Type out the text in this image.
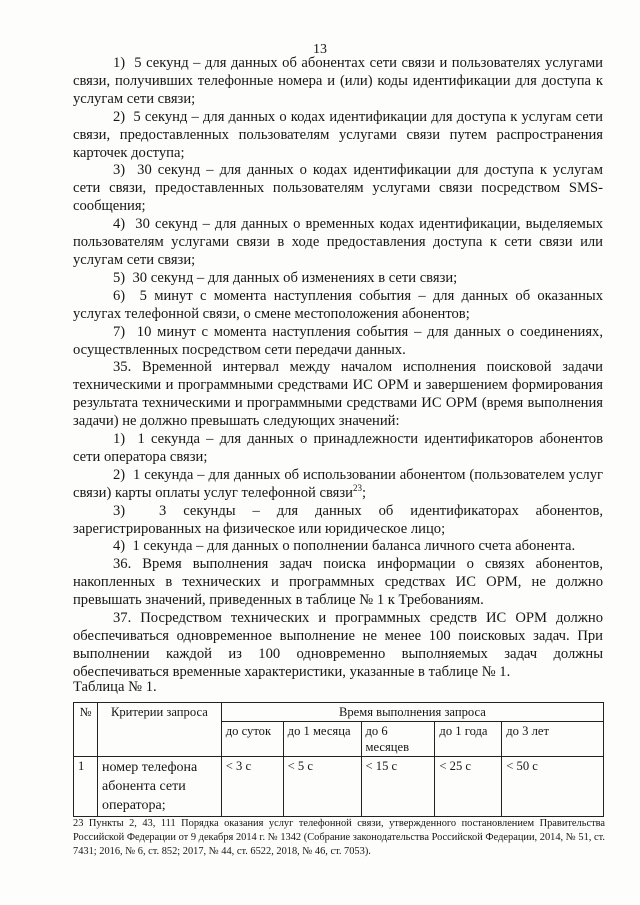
13

1)  5 секунд – для данных об абонентах сети связи и пользователях услугами связи, получивших телефонные номера и (или) коды идентификации для доступа к услугам сети связи;

2)  5 секунд – для данных о кодах идентификации для доступа к услугам сети связи, предоставленных пользователям услугами связи путем распространения карточек доступа;

3)  30 секунд – для данных о кодах идентификации для доступа к услугам сети связи, предоставленных пользователям услугами связи посредством SMS-сообщения;

4)  30 секунд – для данных о временных кодах идентификации, выделяемых пользователям услугами связи в ходе предоставления доступа к сети связи или услугам сети связи;

5)  30 секунд – для данных об изменениях в сети связи;

6)  5 минут с момента наступления события – для данных об оказанных услугах телефонной связи, о смене местоположения абонентов;

7)  10 минут с момента наступления события – для данных о соединениях, осуществленных посредством сети передачи данных.

35. Временной интервал между началом исполнения поисковой задачи техническими и программными средствами ИС ОРМ и завершением формирования результата техническими и программными средствами ИС ОРМ (время выполнения задачи) не должно превышать следующих значений:

1)  1 секунда – для данных о принадлежности идентификаторов абонентов сети оператора связи;

2)  1 секунда – для данных об использовании абонентом (пользователем услуг связи) карты оплаты услуг телефонной связи$^{23}$;

3)  3 секунды – для данных об идентификаторах абонентов, зарегистрированных на физическое или юридическое лицо;

4)  1 секунда – для данных о пополнении баланса личного счета абонента.

36. Время выполнения задач поиска информации о связях абонентов, накопленных в технических и программных средствах ИС ОРМ, не должно превышать значений, приведенных в таблице № 1 к Требованиям.

37. Посредством технических и программных средств ИС ОРМ должно обеспечиваться одновременное выполнение не менее 100 поисковых задач. При выполнении каждой из 100 одновременно выполняемых задач должны обеспечиваться временные характеристики, указанные в таблице № 1.

Таблица № 1.
№	Критерии запроса	Время выполнения запроса				
		до суток	до 1 месяца	до 6 месяцев	до 1 года	до 3 лет
1	номер телефона абонента сети оператора;	< 3 с	< 5 с	< 15 с	< 25 с	< 50 с
23 Пункты 2, 43, 111 Порядка оказания услуг телефонной связи, утвержденного постановлением Правительства Российской Федерации от 9 декабря 2014 г. № 1342 (Собрание законодательства Российской Федерации, 2014, № 51, ст. 7431; 2016, № 6, ст. 852; 2017, № 44, ст. 6522, 2018, № 46, ст. 7053).
